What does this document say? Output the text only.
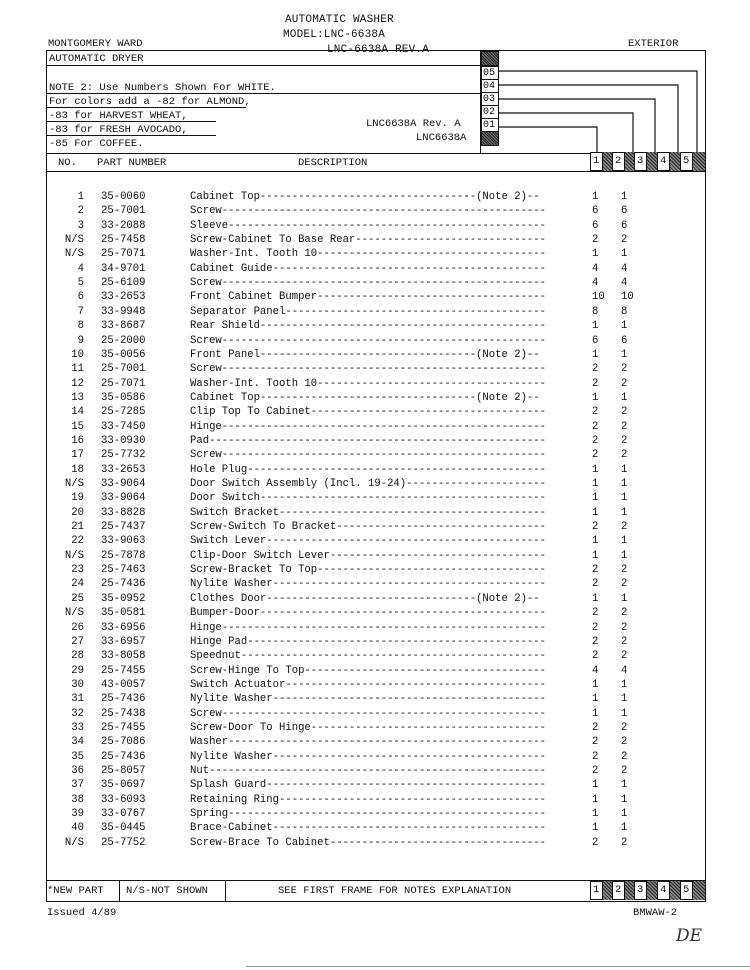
AUTOMATIC WASHER
MODEL:LNC-6638A
LNC-6638A REV.A
MONTGOMERY WARD	EXTERIOR
AUTOMATIC DRYER
NOTE 2: Use Numbers Shown For WHITE.
For colors add a -82 for ALMOND,
-83 for HARVEST WHEAT,
-83 for FRESH AVOCADO,
-85 For COFFEE.
LNC6638A Rev. A
LNC6638A
05
04
03
02
01
NO. PART NUMBER	DESCRIPTION	1	2	3	4	5
1 35-0060	Cabinet Top----------------------------------(Note 2)--	1 1
2 25-7001	Screw---------------------------------------------------	6 6
3 33-2088	Sleeve--------------------------------------------------	6 6
N/S 25-7458	Screw-Cabinet To Base Rear------------------------------	2 2
N/S 25-7071	Washer-Int. Tooth 10------------------------------------	1 1
4 34-9701	Cabinet Guide-------------------------------------------	4 4
5 25-6109	Screw---------------------------------------------------	4 4
6 33-2653	Front Cabinet Bumper------------------------------------	10 10
7 33-9948	Separator Panel-----------------------------------------	8 8
8 33-8687	Rear Shield---------------------------------------------	1 1
9 25-2000	Screw---------------------------------------------------	6 6
10 35-0056	Front Panel----------------------------------(Note 2)--	1 1
11 25-7001	Screw---------------------------------------------------	2 2
12 25-7071	Washer-Int. Tooth 10------------------------------------	2 2
13 35-0586	Cabinet Top----------------------------------(Note 2)--	1 1
14 25-7285	Clip Top To Cabinet-------------------------------------	2 2
15 33-7450	Hinge---------------------------------------------------	2 2
16 33-0930	Pad-----------------------------------------------------	2 2
17 25-7732	Screw---------------------------------------------------	2 2
18 33-2653	Hole Plug-----------------------------------------------	1 1
N/S 33-9064	Door Switch Assembly (Incl. 19-24)----------------------	1 1
19 33-9064	Door Switch---------------------------------------------	1 1
20 33-8828	Switch Bracket------------------------------------------	1 1
21 25-7437	Screw-Switch To Bracket---------------------------------	2 2
22 33-9063	Switch Lever--------------------------------------------	1 1
N/S 25-7878	Clip-Door Switch Lever----------------------------------	1 1
23 25-7463	Screw-Bracket To Top------------------------------------	2 2
24 25-7436	Nylite Washer-------------------------------------------	2 2
25 35-0952	Clothes Door---------------------------------(Note 2)--	1 1
N/S 35-0581	Bumper-Door---------------------------------------------	2 2
26 33-6956	Hinge---------------------------------------------------	2 2
27 33-6957	Hinge Pad-----------------------------------------------	2 2
28 33-8058	Speednut------------------------------------------------	2 2
29 25-7455	Screw-Hinge To Top--------------------------------------	4 4
30 43-0057	Switch Actuator-----------------------------------------	1 1
31 25-7436	Nylite Washer-------------------------------------------	1 1
32 25-7438	Screw---------------------------------------------------	1 1
33 25-7455	Screw-Door To Hinge-------------------------------------	2 2
34 25-7086	Washer--------------------------------------------------	2 2
35 25-7436	Nylite Washer-------------------------------------------	2 2
36 25-8057	Nut-----------------------------------------------------	2 2
37 35-0697	Splash Guard--------------------------------------------	1 1
38 33-6093	Retaining Ring------------------------------------------	1 1
39 33-0767	Spring--------------------------------------------------	1 1
40 35-0445	Brace-Cabinet-------------------------------------------	1 1
N/S 25-7752	Screw-Brace To Cabinet----------------------------------	2 2
*NEW PART N/S-NOT SHOWN	SEE FIRST FRAME FOR NOTES EXPLANATION	1	2	3	4	5
Issued 4/89	BMWAW-2
DE
